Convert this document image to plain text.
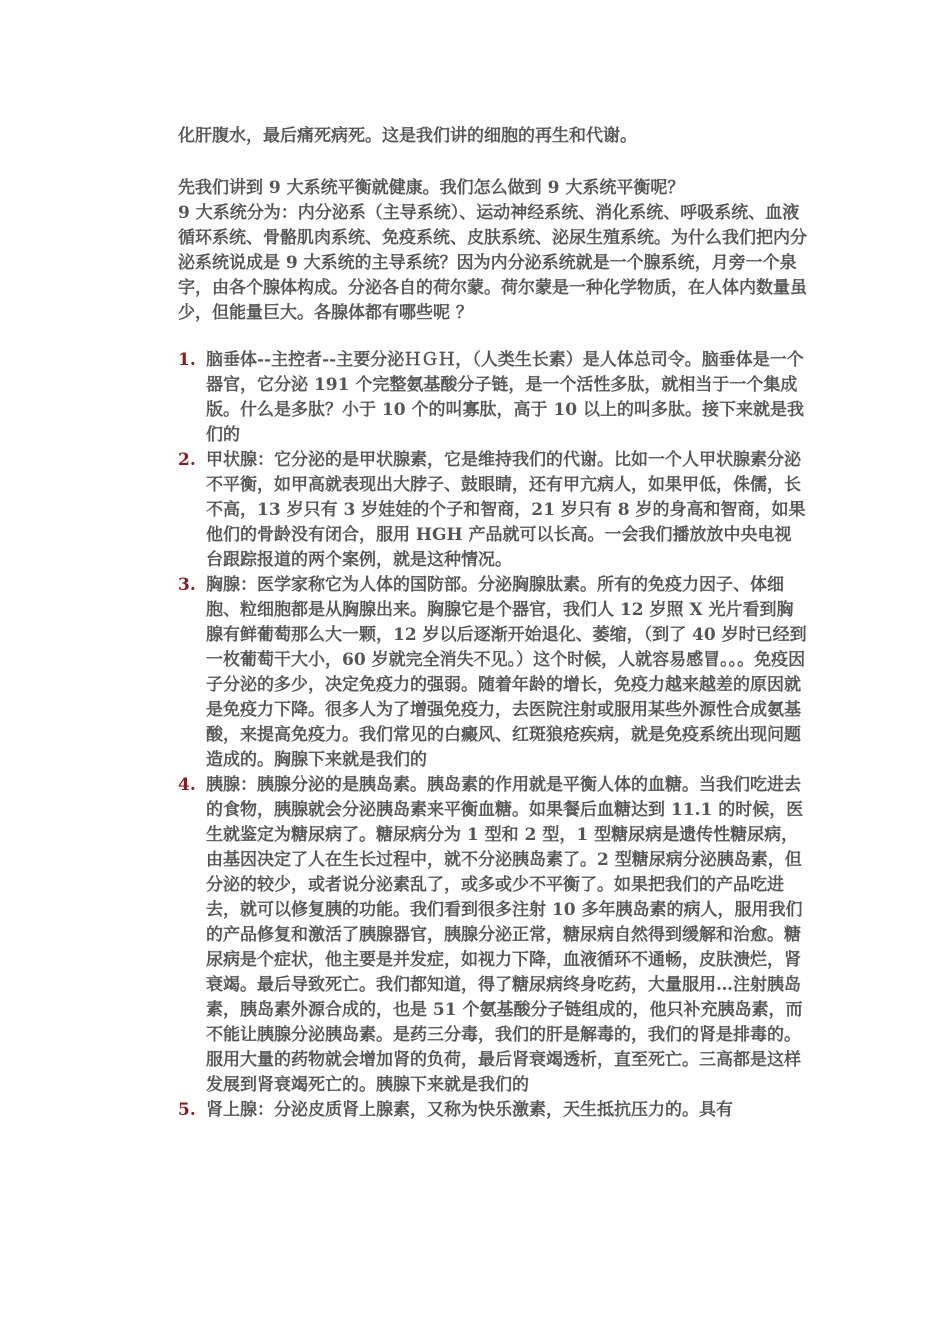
化肝腹水，最后痛死病死。这是我们讲的细胞的再生和代谢。

先我们讲到 9 大系统平衡就健康。我们怎么做到 9 大系统平衡呢？

9 大系统分为：内分泌系（主导系统）、运动神经系统、消化系统、呼吸系统、血液循环系统、骨骼肌肉系统、免疫系统、皮肤系统、泌尿生殖系统。为什么我们把内分泌系统说成是 9 大系统的主导系统？因为内分泌系统就是一个腺系统，月旁一个泉字，由各个腺体构成。分泌各自的荷尔蒙。荷尔蒙是一种化学物质，在人体内数量虽少，但能量巨大。各腺体都有哪些呢 ？

1. 脑垂体--主控者--主要分泌ＨＧＨ，（人类生长素）是人体总司令。脑垂体是一个器官，它分泌 191 个完整氨基酸分子链，是一个活性多肽，就相当于一个集成版。什么是多肽？小于 10 个的叫寡肽，高于 10 以上的叫多肽。接下来就是我们的
2. 甲状腺：它分泌的是甲状腺素，它是维持我们的代谢。比如一个人甲状腺素分泌不平衡，如甲高就表现出大脖子、鼓眼睛，还有甲亢病人，如果甲低，侏儒，长不高，13 岁只有 3 岁娃娃的个子和智商，21 岁只有 8 岁的身高和智商，如果他们的骨龄没有闭合，服用 HGH 产品就可以长高。一会我们播放放中央电视台跟踪报道的两个案例，就是这种情况。
3. 胸腺：医学家称它为人体的国防部。分泌胸腺肽素。所有的免疫力因子、体细胞、粒细胞都是从胸腺出来。胸腺它是个器官，我们人 12 岁照 X 光片看到胸腺有鲜葡萄那么大一颗，12 岁以后逐渐开始退化、萎缩，（到了 40 岁时已经到一枚葡萄干大小，60 岁就完全消失不见。）这个时候，人就容易感冒。。。免疫因子分泌的多少，决定免疫力的强弱。随着年龄的增长，免疫力越来越差的原因就是免疫力下降。很多人为了增强免疫力，去医院注射或服用某些外源性合成氨基酸，来提高免疫力。我们常见的白癜风、红斑狼疮疾病，就是免疫系统出现问题造成的。胸腺下来就是我们的
4. 胰腺：胰腺分泌的是胰岛素。胰岛素的作用就是平衡人体的血糖。当我们吃进去的食物，胰腺就会分泌胰岛素来平衡血糖。如果餐后血糖达到 11.1 的时候，医生就鉴定为糖尿病了。糖尿病分为 1 型和 2 型，1 型糖尿病是遗传性糖尿病，由基因决定了人在生长过程中，就不分泌胰岛素了。2 型糖尿病分泌胰岛素，但分泌的较少，或者说分泌素乱了，或多或少不平衡了。如果把我们的产品吃进去，就可以修复胰的功能。我们看到很多注射 10 多年胰岛素的病人，服用我们的产品修复和激活了胰腺器官，胰腺分泌正常，糖尿病自然得到缓解和治愈。糖尿病是个症状，他主要是并发症，如视力下降，血液循环不通畅，皮肤溃烂，肾衰竭。最后导致死亡。我们都知道，得了糖尿病终身吃药，大量服用…注射胰岛素，胰岛素外源合成的，也是 51 个氨基酸分子链组成的，他只补充胰岛素，而不能让胰腺分泌胰岛素。是药三分毒，我们的肝是解毒的，我们的肾是排毒的。服用大量的药物就会增加肾的负荷，最后肾衰竭透析，直至死亡。三高都是这样发展到肾衰竭死亡的。胰腺下来就是我们的
5. 肾上腺：分泌皮质肾上腺素，又称为快乐激素，天生抵抗压力的。具有
